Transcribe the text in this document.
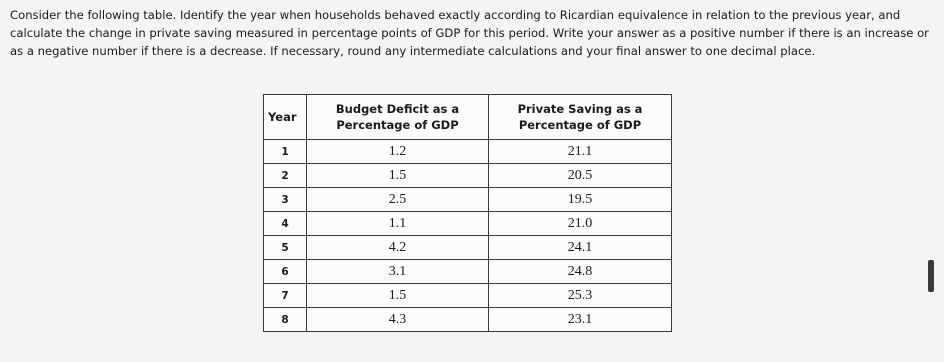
Consider the following table. Identify the year when households behaved exactly according to Ricardian equivalence in relation to the previous year, and calculate the change in private saving measured in percentage points of GDP for this period. Write your answer as a positive number if there is an increase or as a negative number if there is a decrease. If necessary, round any intermediate calculations and your final answer to one decimal place.

Year	Budget Deficit as a Percentage of GDP	Private Saving as a Percentage of GDP
1	1.2	21.1
2	1.5	20.5
3	2.5	19.5
4	1.1	21.0
5	4.2	24.1
6	3.1	24.8
7	1.5	25.3
8	4.3	23.1
